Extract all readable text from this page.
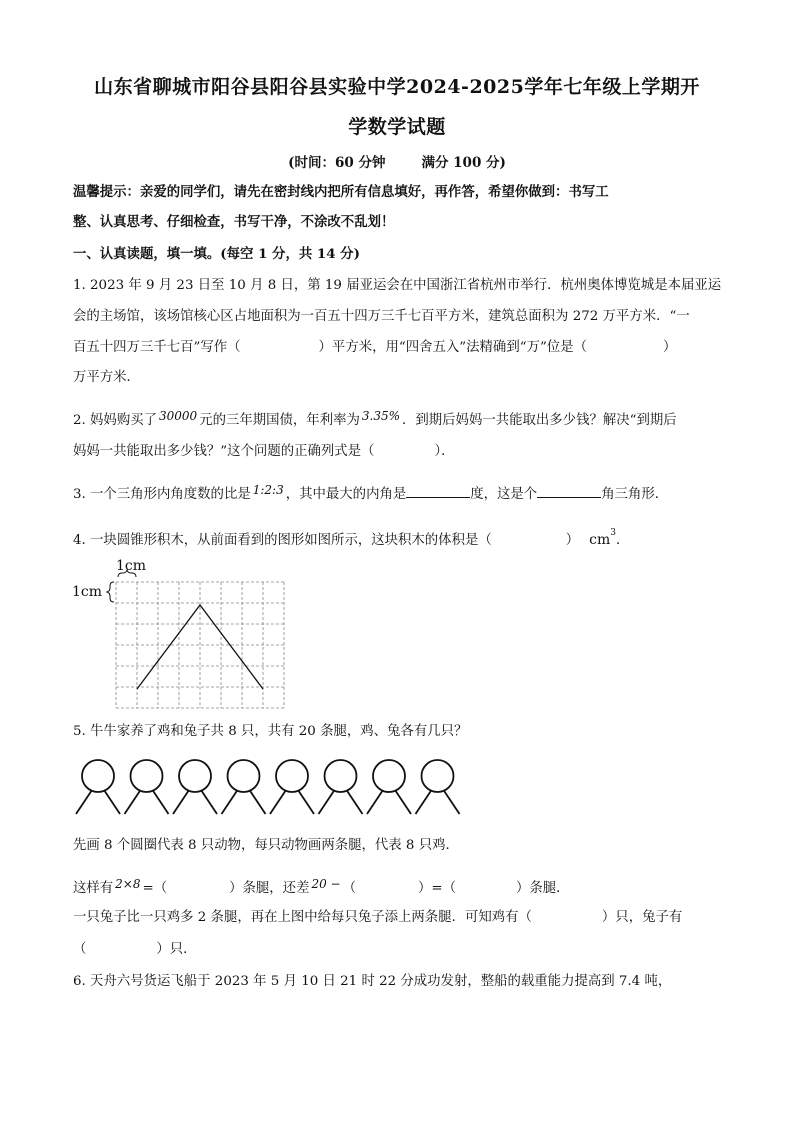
山东省聊城市阳谷县阳谷县实验中学2024-2025学年七年级上学期开
学数学试题
(时间：60 分钟	满分 100 分)
温馨提示：亲爱的同学们，请先在密封线内把所有信息填好，再作答，希望你做到：书写工
整、认真思考、仔细检查，书写干净，不涂改不乱划！
一、认真读题，填一填。(每空 1 分，共 14 分)
1. 2023 年 9 月 23 日至 10 月 8 日，第 19 届亚运会在中国浙江省杭州市举行．杭州奥体博览城是本届亚运
会的主场馆，该场馆核心区占地面积为一百五十四万三千七百平方米，建筑总面积为 272 万平方米．“一
百五十四万三千七百”写作（	）平方米，用“四舍五入”法精确到“万”位是（	）
万平方米．
2. 妈妈购买了 30000 元的三年期国债，年利率为 3.35% ．到期后妈妈一共能取出多少钱？解决“到期后
妈妈一共能取出多少钱？”这个问题的正确列式是（	）．
3. 一个三角形内角度数的比是 1:2:3 ，其中最大的内角是	度，这是个	角三角形．
4. 一块圆锥形积木，从前面看到的图形如图所示，这块积木的体积是（	） $cm^3$．
1cm
1cm
5. 牛牛家养了鸡和兔子共 8 只，共有 20 条腿，鸡、兔各有几只？
先画 8 个圆圈代表 8 只动物，每只动物画两条腿，代表 8 只鸡．
这样有 2×8 =（	）条腿，还差 20 − （	）=（	）条腿．
一只兔子比一只鸡多 2 条腿，再在上图中给每只兔子添上两条腿．可知鸡有（	）只，兔子有
（	）只．
6. 天舟六号货运飞船于 2023 年 5 月 10 日 21 时 22 分成功发射，整船的载重能力提高到 7.4 吨，
